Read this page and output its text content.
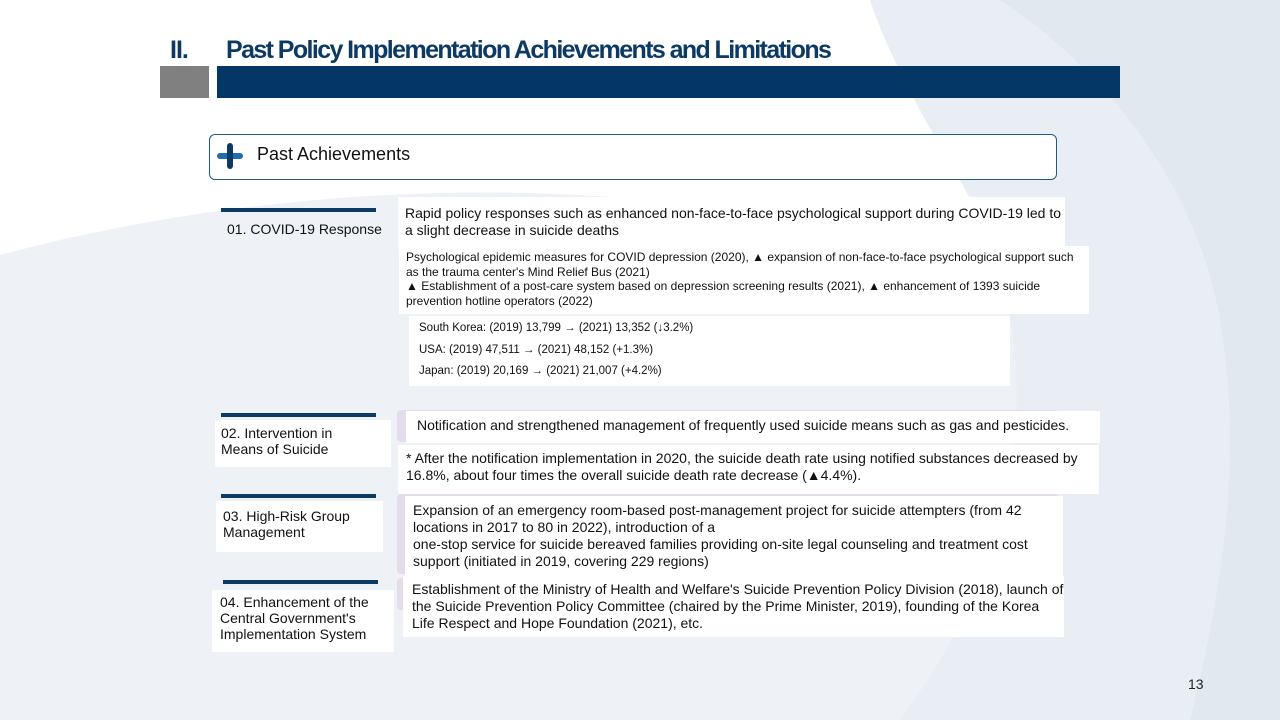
II. Past Policy Implementation Achievements and Limitations
Past Achievements
01. COVID-19 Response
Rapid policy responses such as enhanced non-face-to-face psychological support during COVID-19 led to a slight decrease in suicide deaths
Psychological epidemic measures for COVID depression (2020), ▲ expansion of non-face-to-face psychological support such as the trauma center's Mind Relief Bus (2021)
▲ Establishment of a post-care system based on depression screening results (2021), ▲ enhancement of 1393 suicide prevention hotline operators (2022)
South Korea: (2019) 13,799 → (2021) 13,352 (↓3.2%)
USA: (2019) 47,511 → (2021) 48,152 (+1.3%)
Japan: (2019) 20,169 → (2021) 21,007 (+4.2%)
02. Intervention in
Means of Suicide
Notification and strengthened management of frequently used suicide means such as gas and pesticides.
* After the notification implementation in 2020, the suicide death rate using notified substances decreased by 16.8%, about four times the overall suicide death rate decrease (▲4.4%).
03. High-Risk Group
Management
Expansion of an emergency room-based post-management project for suicide attempters (from 42 locations in 2017 to 80 in 2022), introduction of a
one-stop service for suicide bereaved families providing on-site legal counseling and treatment cost support (initiated in 2019, covering 229 regions)
04. Enhancement of the
Central Government's
Implementation System
Establishment of the Ministry of Health and Welfare's Suicide Prevention Policy Division (2018), launch of the Suicide Prevention Policy Committee (chaired by the Prime Minister, 2019), founding of the Korea Life Respect and Hope Foundation (2021), etc.
13
